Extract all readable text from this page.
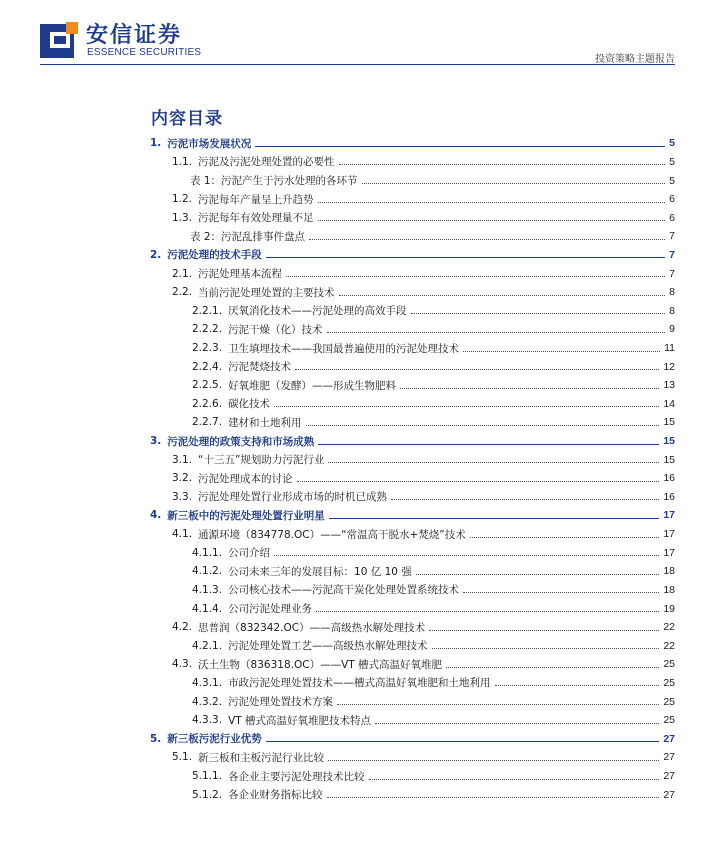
安信证券
ESSENCE SECURITIES
投资策略主题报告
内容目录
1. 污泥市场发展状况	5
1.1. 污泥及污泥处理处置的必要性	5
表 1：污泥产生于污水处理的各环节	5
1.2. 污泥每年产量呈上升趋势	6
1.3. 污泥每年有效处理量不足	6
表 2：污泥乱排事件盘点	7
2. 污泥处理的技术手段	7
2.1. 污泥处理基本流程	7
2.2. 当前污泥处理处置的主要技术	8
2.2.1. 厌氧消化技术——污泥处理的高效手段	8
2.2.2. 污泥干燥（化）技术	9
2.2.3. 卫生填埋技术——我国最普遍使用的污泥处理技术	11
2.2.4. 污泥焚烧技术	12
2.2.5. 好氧堆肥（发酵）——形成生物肥料	13
2.2.6. 碳化技术	14
2.2.7. 建材和土地利用	15
3. 污泥处理的政策支持和市场成熟	15
3.1. “十三五”规划助力污泥行业	15
3.2. 污泥处理成本的讨论	16
3.3. 污泥处理处置行业形成市场的时机已成熟	16
4. 新三板中的污泥处理处置行业明星	17
4.1. 通源环境（834778.OC）——“常温高干脱水+焚烧”技术	17
4.1.1. 公司介绍	17
4.1.2. 公司未来三年的发展目标：10 亿 10 强	18
4.1.3. 公司核心技术——污泥高干炭化处理处置系统技术	18
4.1.4. 公司污泥处理业务	19
4.2. 思普润（832342.OC）——高级热水解处理技术	22
4.2.1. 污泥处理处置工艺——高级热水解处理技术	22
4.3. 沃土生物（836318.OC）——VT 槽式高温好氧堆肥	25
4.3.1. 市政污泥处理处置技术——槽式高温好氧堆肥和土地利用	25
4.3.2. 污泥处理处置技术方案	25
4.3.3. VT 槽式高温好氧堆肥技术特点	25
5. 新三板污泥行业优势	27
5.1. 新三板和主板污泥行业比较	27
5.1.1. 各企业主要污泥处理技术比较	27
5.1.2. 各企业财务指标比较	27
